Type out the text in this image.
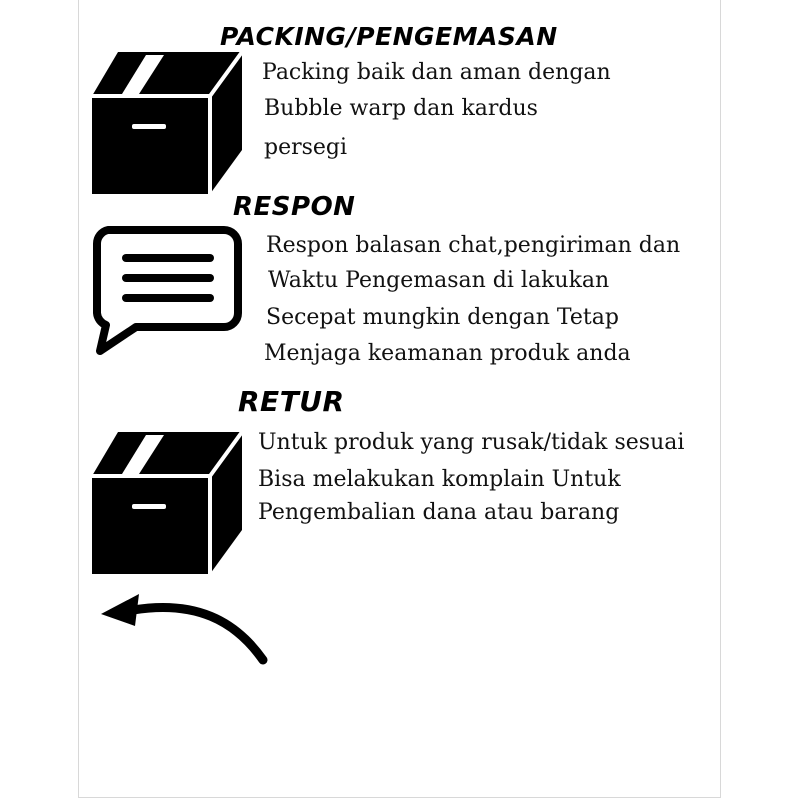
PACKING/PENGEMASAN

Packing baik dan aman dengan

Bubble warp dan kardus

persegi

RESPON

Respon balasan chat,pengiriman dan

Waktu Pengemasan di lakukan

Secepat mungkin dengan Tetap

Menjaga keamanan produk anda

RETUR

Untuk produk yang rusak/tidak sesuai

Bisa melakukan komplain Untuk

Pengembalian dana atau barang
